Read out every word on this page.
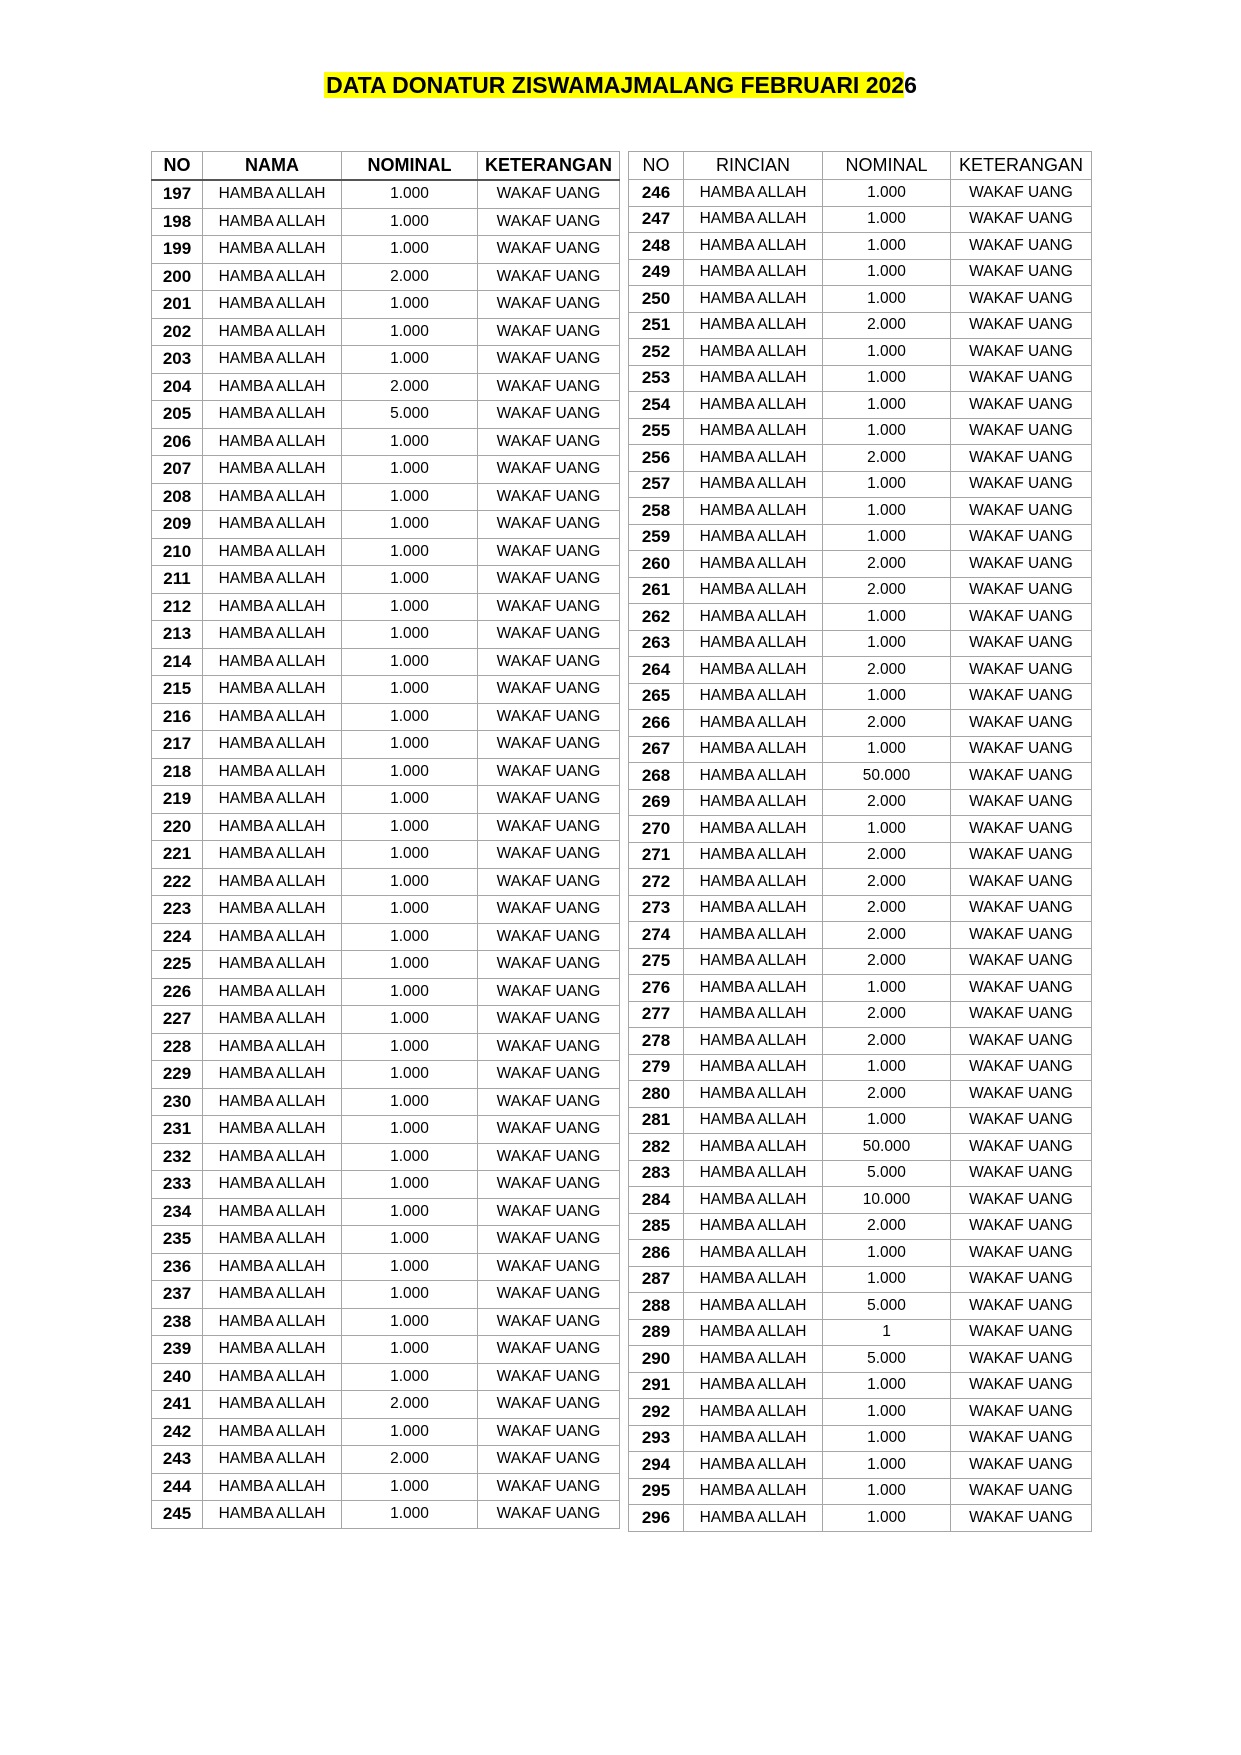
DATA DONATUR ZISWAMAJMALANG FEBRUARI 2026
NO	NAMA	NOMINAL	KETERANGAN
197	HAMBA ALLAH	1.000	WAKAF UANG
198	HAMBA ALLAH	1.000	WAKAF UANG
199	HAMBA ALLAH	1.000	WAKAF UANG
200	HAMBA ALLAH	2.000	WAKAF UANG
201	HAMBA ALLAH	1.000	WAKAF UANG
202	HAMBA ALLAH	1.000	WAKAF UANG
203	HAMBA ALLAH	1.000	WAKAF UANG
204	HAMBA ALLAH	2.000	WAKAF UANG
205	HAMBA ALLAH	5.000	WAKAF UANG
206	HAMBA ALLAH	1.000	WAKAF UANG
207	HAMBA ALLAH	1.000	WAKAF UANG
208	HAMBA ALLAH	1.000	WAKAF UANG
209	HAMBA ALLAH	1.000	WAKAF UANG
210	HAMBA ALLAH	1.000	WAKAF UANG
211	HAMBA ALLAH	1.000	WAKAF UANG
212	HAMBA ALLAH	1.000	WAKAF UANG
213	HAMBA ALLAH	1.000	WAKAF UANG
214	HAMBA ALLAH	1.000	WAKAF UANG
215	HAMBA ALLAH	1.000	WAKAF UANG
216	HAMBA ALLAH	1.000	WAKAF UANG
217	HAMBA ALLAH	1.000	WAKAF UANG
218	HAMBA ALLAH	1.000	WAKAF UANG
219	HAMBA ALLAH	1.000	WAKAF UANG
220	HAMBA ALLAH	1.000	WAKAF UANG
221	HAMBA ALLAH	1.000	WAKAF UANG
222	HAMBA ALLAH	1.000	WAKAF UANG
223	HAMBA ALLAH	1.000	WAKAF UANG
224	HAMBA ALLAH	1.000	WAKAF UANG
225	HAMBA ALLAH	1.000	WAKAF UANG
226	HAMBA ALLAH	1.000	WAKAF UANG
227	HAMBA ALLAH	1.000	WAKAF UANG
228	HAMBA ALLAH	1.000	WAKAF UANG
229	HAMBA ALLAH	1.000	WAKAF UANG
230	HAMBA ALLAH	1.000	WAKAF UANG
231	HAMBA ALLAH	1.000	WAKAF UANG
232	HAMBA ALLAH	1.000	WAKAF UANG
233	HAMBA ALLAH	1.000	WAKAF UANG
234	HAMBA ALLAH	1.000	WAKAF UANG
235	HAMBA ALLAH	1.000	WAKAF UANG
236	HAMBA ALLAH	1.000	WAKAF UANG
237	HAMBA ALLAH	1.000	WAKAF UANG
238	HAMBA ALLAH	1.000	WAKAF UANG
239	HAMBA ALLAH	1.000	WAKAF UANG
240	HAMBA ALLAH	1.000	WAKAF UANG
241	HAMBA ALLAH	2.000	WAKAF UANG
242	HAMBA ALLAH	1.000	WAKAF UANG
243	HAMBA ALLAH	2.000	WAKAF UANG
244	HAMBA ALLAH	1.000	WAKAF UANG
245	HAMBA ALLAH	1.000	WAKAF UANG
NO	RINCIAN	NOMINAL	KETERANGAN
246	HAMBA ALLAH	1.000	WAKAF UANG
247	HAMBA ALLAH	1.000	WAKAF UANG
248	HAMBA ALLAH	1.000	WAKAF UANG
249	HAMBA ALLAH	1.000	WAKAF UANG
250	HAMBA ALLAH	1.000	WAKAF UANG
251	HAMBA ALLAH	2.000	WAKAF UANG
252	HAMBA ALLAH	1.000	WAKAF UANG
253	HAMBA ALLAH	1.000	WAKAF UANG
254	HAMBA ALLAH	1.000	WAKAF UANG
255	HAMBA ALLAH	1.000	WAKAF UANG
256	HAMBA ALLAH	2.000	WAKAF UANG
257	HAMBA ALLAH	1.000	WAKAF UANG
258	HAMBA ALLAH	1.000	WAKAF UANG
259	HAMBA ALLAH	1.000	WAKAF UANG
260	HAMBA ALLAH	2.000	WAKAF UANG
261	HAMBA ALLAH	2.000	WAKAF UANG
262	HAMBA ALLAH	1.000	WAKAF UANG
263	HAMBA ALLAH	1.000	WAKAF UANG
264	HAMBA ALLAH	2.000	WAKAF UANG
265	HAMBA ALLAH	1.000	WAKAF UANG
266	HAMBA ALLAH	2.000	WAKAF UANG
267	HAMBA ALLAH	1.000	WAKAF UANG
268	HAMBA ALLAH	50.000	WAKAF UANG
269	HAMBA ALLAH	2.000	WAKAF UANG
270	HAMBA ALLAH	1.000	WAKAF UANG
271	HAMBA ALLAH	2.000	WAKAF UANG
272	HAMBA ALLAH	2.000	WAKAF UANG
273	HAMBA ALLAH	2.000	WAKAF UANG
274	HAMBA ALLAH	2.000	WAKAF UANG
275	HAMBA ALLAH	2.000	WAKAF UANG
276	HAMBA ALLAH	1.000	WAKAF UANG
277	HAMBA ALLAH	2.000	WAKAF UANG
278	HAMBA ALLAH	2.000	WAKAF UANG
279	HAMBA ALLAH	1.000	WAKAF UANG
280	HAMBA ALLAH	2.000	WAKAF UANG
281	HAMBA ALLAH	1.000	WAKAF UANG
282	HAMBA ALLAH	50.000	WAKAF UANG
283	HAMBA ALLAH	5.000	WAKAF UANG
284	HAMBA ALLAH	10.000	WAKAF UANG
285	HAMBA ALLAH	2.000	WAKAF UANG
286	HAMBA ALLAH	1.000	WAKAF UANG
287	HAMBA ALLAH	1.000	WAKAF UANG
288	HAMBA ALLAH	5.000	WAKAF UANG
289	HAMBA ALLAH	1	WAKAF UANG
290	HAMBA ALLAH	5.000	WAKAF UANG
291	HAMBA ALLAH	1.000	WAKAF UANG
292	HAMBA ALLAH	1.000	WAKAF UANG
293	HAMBA ALLAH	1.000	WAKAF UANG
294	HAMBA ALLAH	1.000	WAKAF UANG
295	HAMBA ALLAH	1.000	WAKAF UANG
296	HAMBA ALLAH	1.000	WAKAF UANG
